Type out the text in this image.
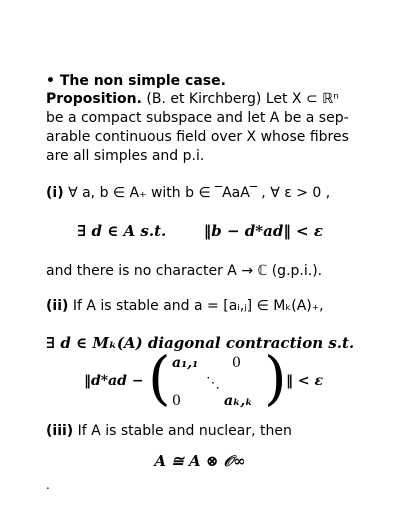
• The non simple case.
Proposition. (B. et Kirchberg) Let X ⊂ ℝⁿ
be a compact subspace and let A be a sep-
arable continuous field over X whose fibres
are all simples and p.i.
(i) ∀ a, b ∈ A₊ with b ∈ ‾AaA‾ , ∀ ε > 0 ,
∃ d ∈ A s.t.	‖b − d*ad‖ < ε
and there is no character A → ℂ (g.p.i.).
(ii) If A is stable and a = [aᵢ,ⱼ] ∈ Mₖ(A)₊,
∃ d ∈ Mₖ(A) diagonal contraction s.t.
‖d*ad − ( a₁,₁ 0
⋱
0	aₖ,ₖ ) ‖ < ε
(iii) If A is stable and nuclear, then
A ≅ A ⊗ 𝒪∞
.
